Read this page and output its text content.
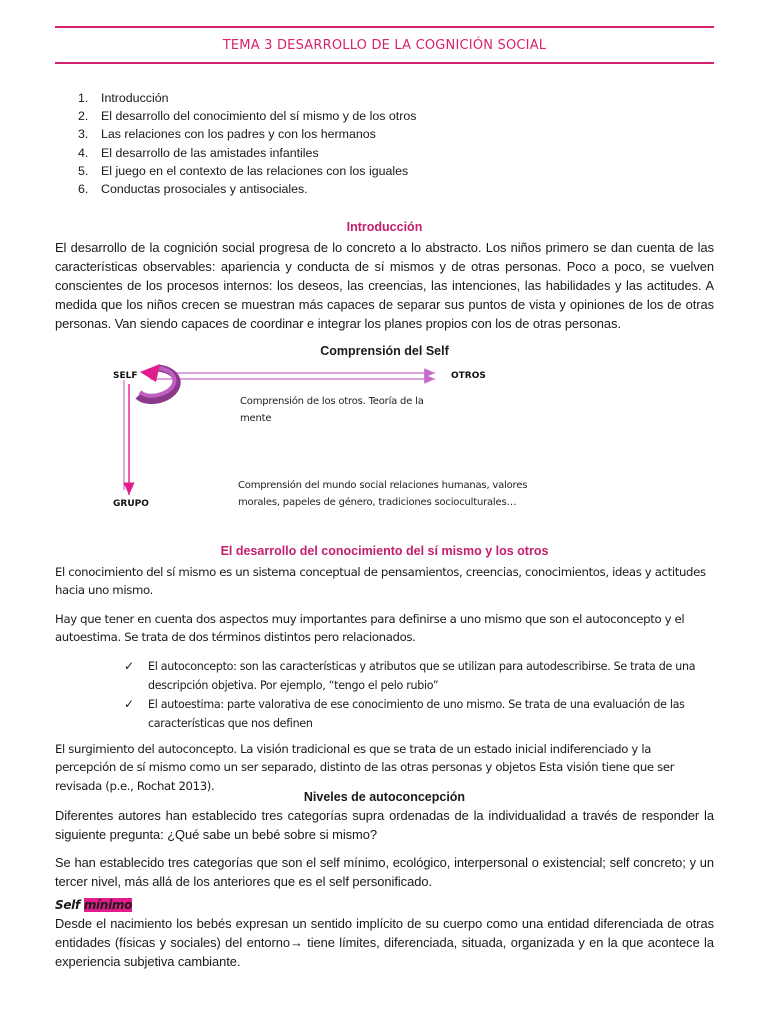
TEMA 3 DESARROLLO DE LA COGNICIÓN SOCIAL
1. Introducción
2. El desarrollo del conocimiento del sí mismo y de los otros
3. Las relaciones con los padres y con los hermanos
4. El desarrollo de las amistades infantiles
5. El juego en el contexto de las relaciones con los iguales
6. Conductas prosociales y antisociales.
Introducción

El desarrollo de la cognición social progresa de lo concreto a lo abstracto. Los niños primero se dan cuenta de las características observables: apariencia y conducta de sí mismos y de otras personas. Poco a poco, se vuelven conscientes de los procesos internos: los deseos, las creencias, las intenciones, las habilidades y las actitudes. A medida que los niños crecen se muestran más capaces de separar sus puntos de vista y opiniones de los de otras personas. Van siendo capaces de coordinar e integrar los planes propios con los de otras personas.

Comprensión del Self
SELF	OTROS
GRUPO
Comprensión de los otros. Teoría de la
mente
Comprensión del mundo social relaciones humanas, valores
morales, papeles de género, tradiciones socioculturales…
El desarrollo del conocimiento del sí mismo y los otros

El conocimiento del sí mismo es un sistema conceptual de pensamientos, creencias, conocimientos, ideas y actitudes hacia uno mismo.

Hay que tener en cuenta dos aspectos muy importantes para definirse a uno mismo que son el autoconcepto y el autoestima. Se trata de dos términos distintos pero relacionados.

✓ El autoconcepto: son las características y atributos que se utilizan para autodescribirse. Se trata de una descripción objetiva. Por ejemplo, “tengo el pelo rubio”
✓ El autoestima: parte valorativa de ese conocimiento de uno mismo. Se trata de una evaluación de las características que nos definen

El surgimiento del autoconcepto. La visión tradicional es que se trata de un estado inicial indiferenciado y la percepción de sí mismo como un ser separado, distinto de las otras personas y objetos Esta visión tiene que ser revisada (p.e., Rochat 2013).

Niveles de autoconcepción

Diferentes autores han establecido tres categorías supra ordenadas de la individualidad a través de responder la siguiente pregunta: ¿Qué sabe un bebé sobre si mismo?

Se han establecido tres categorías que son el self mínimo, ecológico, interpersonal o existencial; self concreto; y un tercer nivel, más allá de los anteriores que es el self personificado.

Self mínimo

Desde el nacimiento los bebés expresan un sentido implícito de su cuerpo como una entidad diferenciada de otras entidades (físicas y sociales) del entorno→ tiene límites, diferenciada, situada, organizada y en la que acontece la experiencia subjetiva cambiante.
